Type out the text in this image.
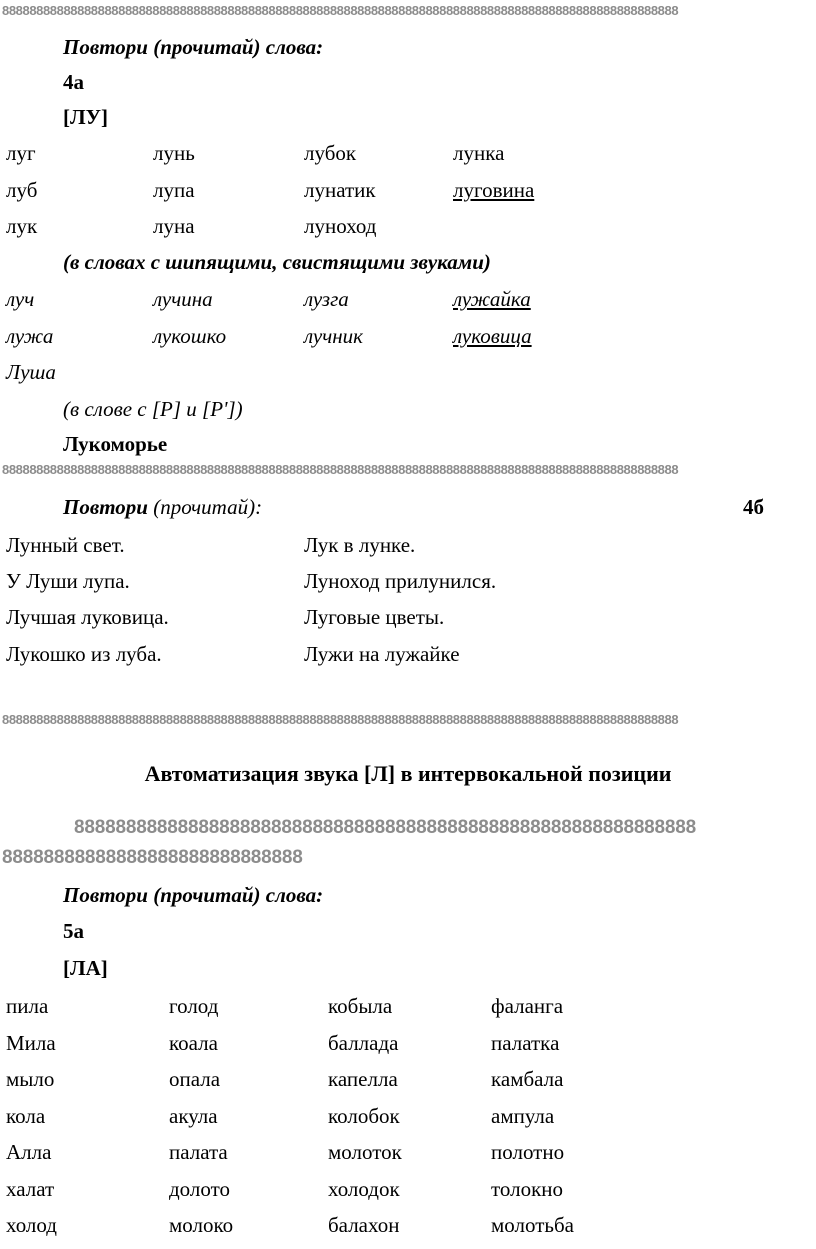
888888888888888888888888888888888888888888888888888888888888888888888888888888888888888888888888888
Повтори (прочитай) слова:
4а
[ЛУ]
луг	лунь	лубок	лунка
луб	лупа	лунатик	луговина
лук	луна	луноход
(в словах с шипящими, свистящими звуками)
луч	лучина	лузга	лужайка
лужа	лукошко	лучник	луковица
Луша
(в слове с [Р] и [Р'])
Лукоморье
888888888888888888888888888888888888888888888888888888888888888888888888888888888888888888888888888
Повтори (прочитай):	4б
Лунный свет.	Лук в лунке.
У Луши лупа.	Луноход прилунился.
Лучшая луковица.	Луговые цветы.
Лукошко из луба.	Лужи на лужайке
888888888888888888888888888888888888888888888888888888888888888888888888888888888888888888888888888
Автоматизация звука [Л] в интервокальной позиции
888888888888888888888888888888888888888888888888888888888888
88888888888888888888888888888
Повтори (прочитай) слова:
5а
[ЛА]
пила	голод	кобыла	фаланга
Мила	коала	баллада	палатка
мыло	опала	капелла	камбала
кола	акула	колобок	ампула
Алла	палата	молоток	полотно
халат	долото	холодок	толокно
холод	молоко	балахон	молотьба
